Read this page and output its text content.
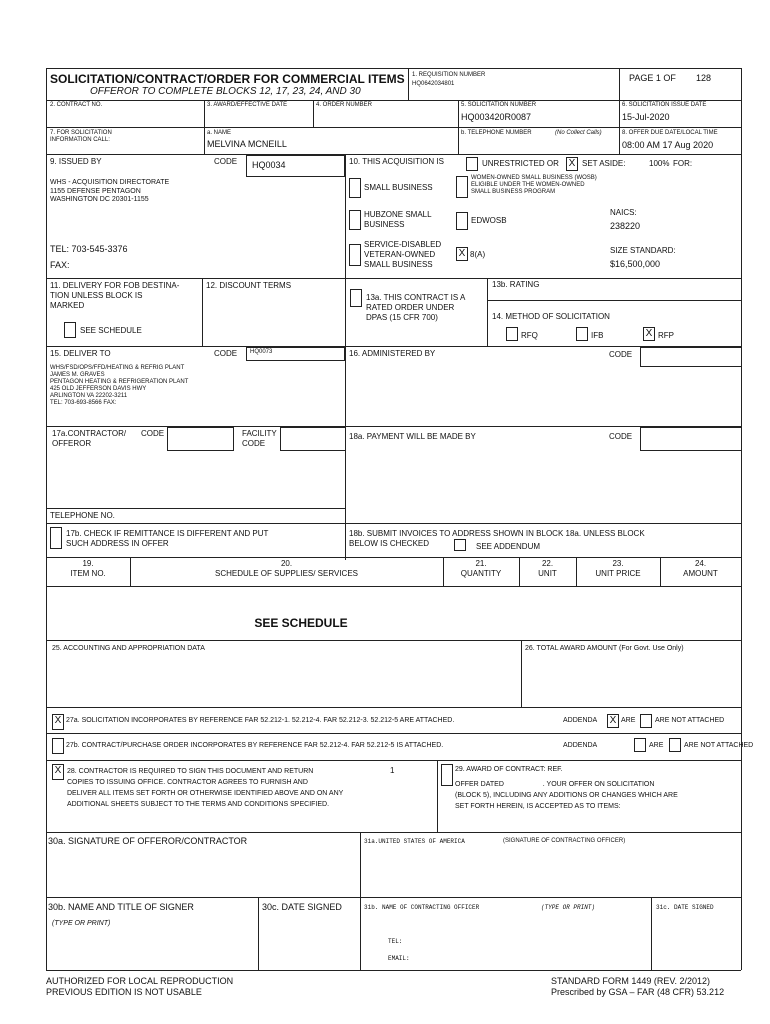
SOLICITATION/CONTRACT/ORDER FOR COMMERCIAL ITEMS
OFFEROR TO COMPLETE BLOCKS 12, 17, 23, 24, AND 30
1. REQUISITION NUMBER
HQ0642034801
PAGE 1 OF 128
2. CONTRACT NO.	3. AWARD/EFFECTIVE DATE	4. ORDER NUMBER	5. SOLICITATION NUMBER
HQ003420R0087
6. SOLICITATION ISSUE DATE
15-Jul-2020
7. FOR SOLICITATION
INFORMATION CALL:
a. NAME
MELVINA MCNEILL
b. TELEPHONE NUMBER	(No Collect Calls)	8. OFFER DUE DATE/LOCAL TIME
08:00 AM 17 Aug 2020
9. ISSUED BY	CODE HQ0034
WHS - ACQUISITION DIRECTORATE
1155 DEFENSE PENTAGON
WASHINGTON DC 20301-1155
TEL: 703-545-3376
FAX:
10. THIS ACQUISITION IS	UNRESTRICTED OR X SET ASIDE:	100% FOR:
SMALL BUSINESS
WOMEN-OWNED SMALL BUSINESS (WOSB)
ELIGIBLE UNDER THE WOMEN-OWNED
SMALL BUSINESS PROGRAM
HUBZONE SMALL
BUSINESS	EDWOSB
NAICS:
238220
SERVICE-DISABLED
VETERAN-OWNED
SMALL BUSINESS
X 8(A)	SIZE STANDARD:
$16,500,000
11. DELIVERY FOR FOB DESTINA-
TION UNLESS BLOCK IS
MARKED
SEE SCHEDULE
12. DISCOUNT TERMS
13a. THIS CONTRACT IS A
RATED ORDER UNDER
DPAS (15 CFR 700)
13b. RATING
14. METHOD OF SOLICITATION
RFQ	IFB	X RFP
15. DELIVER TO	CODE HQ0073
WHS/FSD/OPS/FFD/HEATING & REFRIG PLANT
JAMES M. GRAVES
PENTAGON HEATING & REFRIGERATION PLANT
425 OLD JEFFERSON DAVIS HWY
ARLINGTON VA 22202-3211
TEL: 703-693-8566 FAX:
16. ADMINISTERED BY	CODE
17a.CONTRACTOR/
OFFEROR
CODE	FACILITY
CODE
18a. PAYMENT WILL BE MADE BY	CODE
TELEPHONE NO.
17b. CHECK IF REMITTANCE IS DIFFERENT AND PUT
SUCH ADDRESS IN OFFER
18b. SUBMIT INVOICES TO ADDRESS SHOWN IN BLOCK 18a. UNLESS BLOCK
BELOW IS CHECKED	SEE ADDENDUM
19.
ITEM NO.
20.
SCHEDULE OF SUPPLIES/ SERVICES
21.
QUANTITY
22.
UNIT
23.
UNIT PRICE
24.
AMOUNT
SEE SCHEDULE
25. ACCOUNTING AND APPROPRIATION DATA	26. TOTAL AWARD AMOUNT (For Govt. Use Only)
X 27a. SOLICITATION INCORPORATES BY REFERENCE FAR 52.212-1. 52.212-4. FAR 52.212-3. 52.212-5 ARE ATTACHED.	ADDENDA X ARE	ARE NOT ATTACHED
27b. CONTRACT/PURCHASE ORDER INCORPORATES BY REFERENCE FAR 52.212-4. FAR 52.212-5 IS ATTACHED.	ADDENDA	ARE	ARE NOT ATTACHED
X 28. CONTRACTOR IS REQUIRED TO SIGN THIS DOCUMENT AND RETURN
COPIES TO ISSUING OFFICE. CONTRACTOR AGREES TO FURNISH AND
DELIVER ALL ITEMS SET FORTH OR OTHERWISE IDENTIFIED ABOVE AND ON ANY
ADDITIONAL SHEETS SUBJECT TO THE TERMS AND CONDITIONS SPECIFIED.
1	29. AWARD OF CONTRACT: REF.
OFFER DATED                    . YOUR OFFER ON SOLICITATION
(BLOCK 5), INCLUDING ANY ADDITIONS OR CHANGES WHICH ARE
SET FORTH HEREIN, IS ACCEPTED AS TO ITEMS:
30a. SIGNATURE OF OFFEROR/CONTRACTOR	31a.UNITED STATES OF AMERICA	(SIGNATURE OF CONTRACTING OFFICER)
30b. NAME AND TITLE OF SIGNER
(TYPE OR PRINT)
30c. DATE SIGNED	31b. NAME OF CONTRACTING OFFICER	(TYPE OR PRINT)	31c. DATE SIGNED
TEL:
EMAIL:
AUTHORIZED FOR LOCAL REPRODUCTION
PREVIOUS EDITION IS NOT USABLE
STANDARD FORM 1449 (REV. 2/2012)
Prescribed by GSA – FAR (48 CFR) 53.212
